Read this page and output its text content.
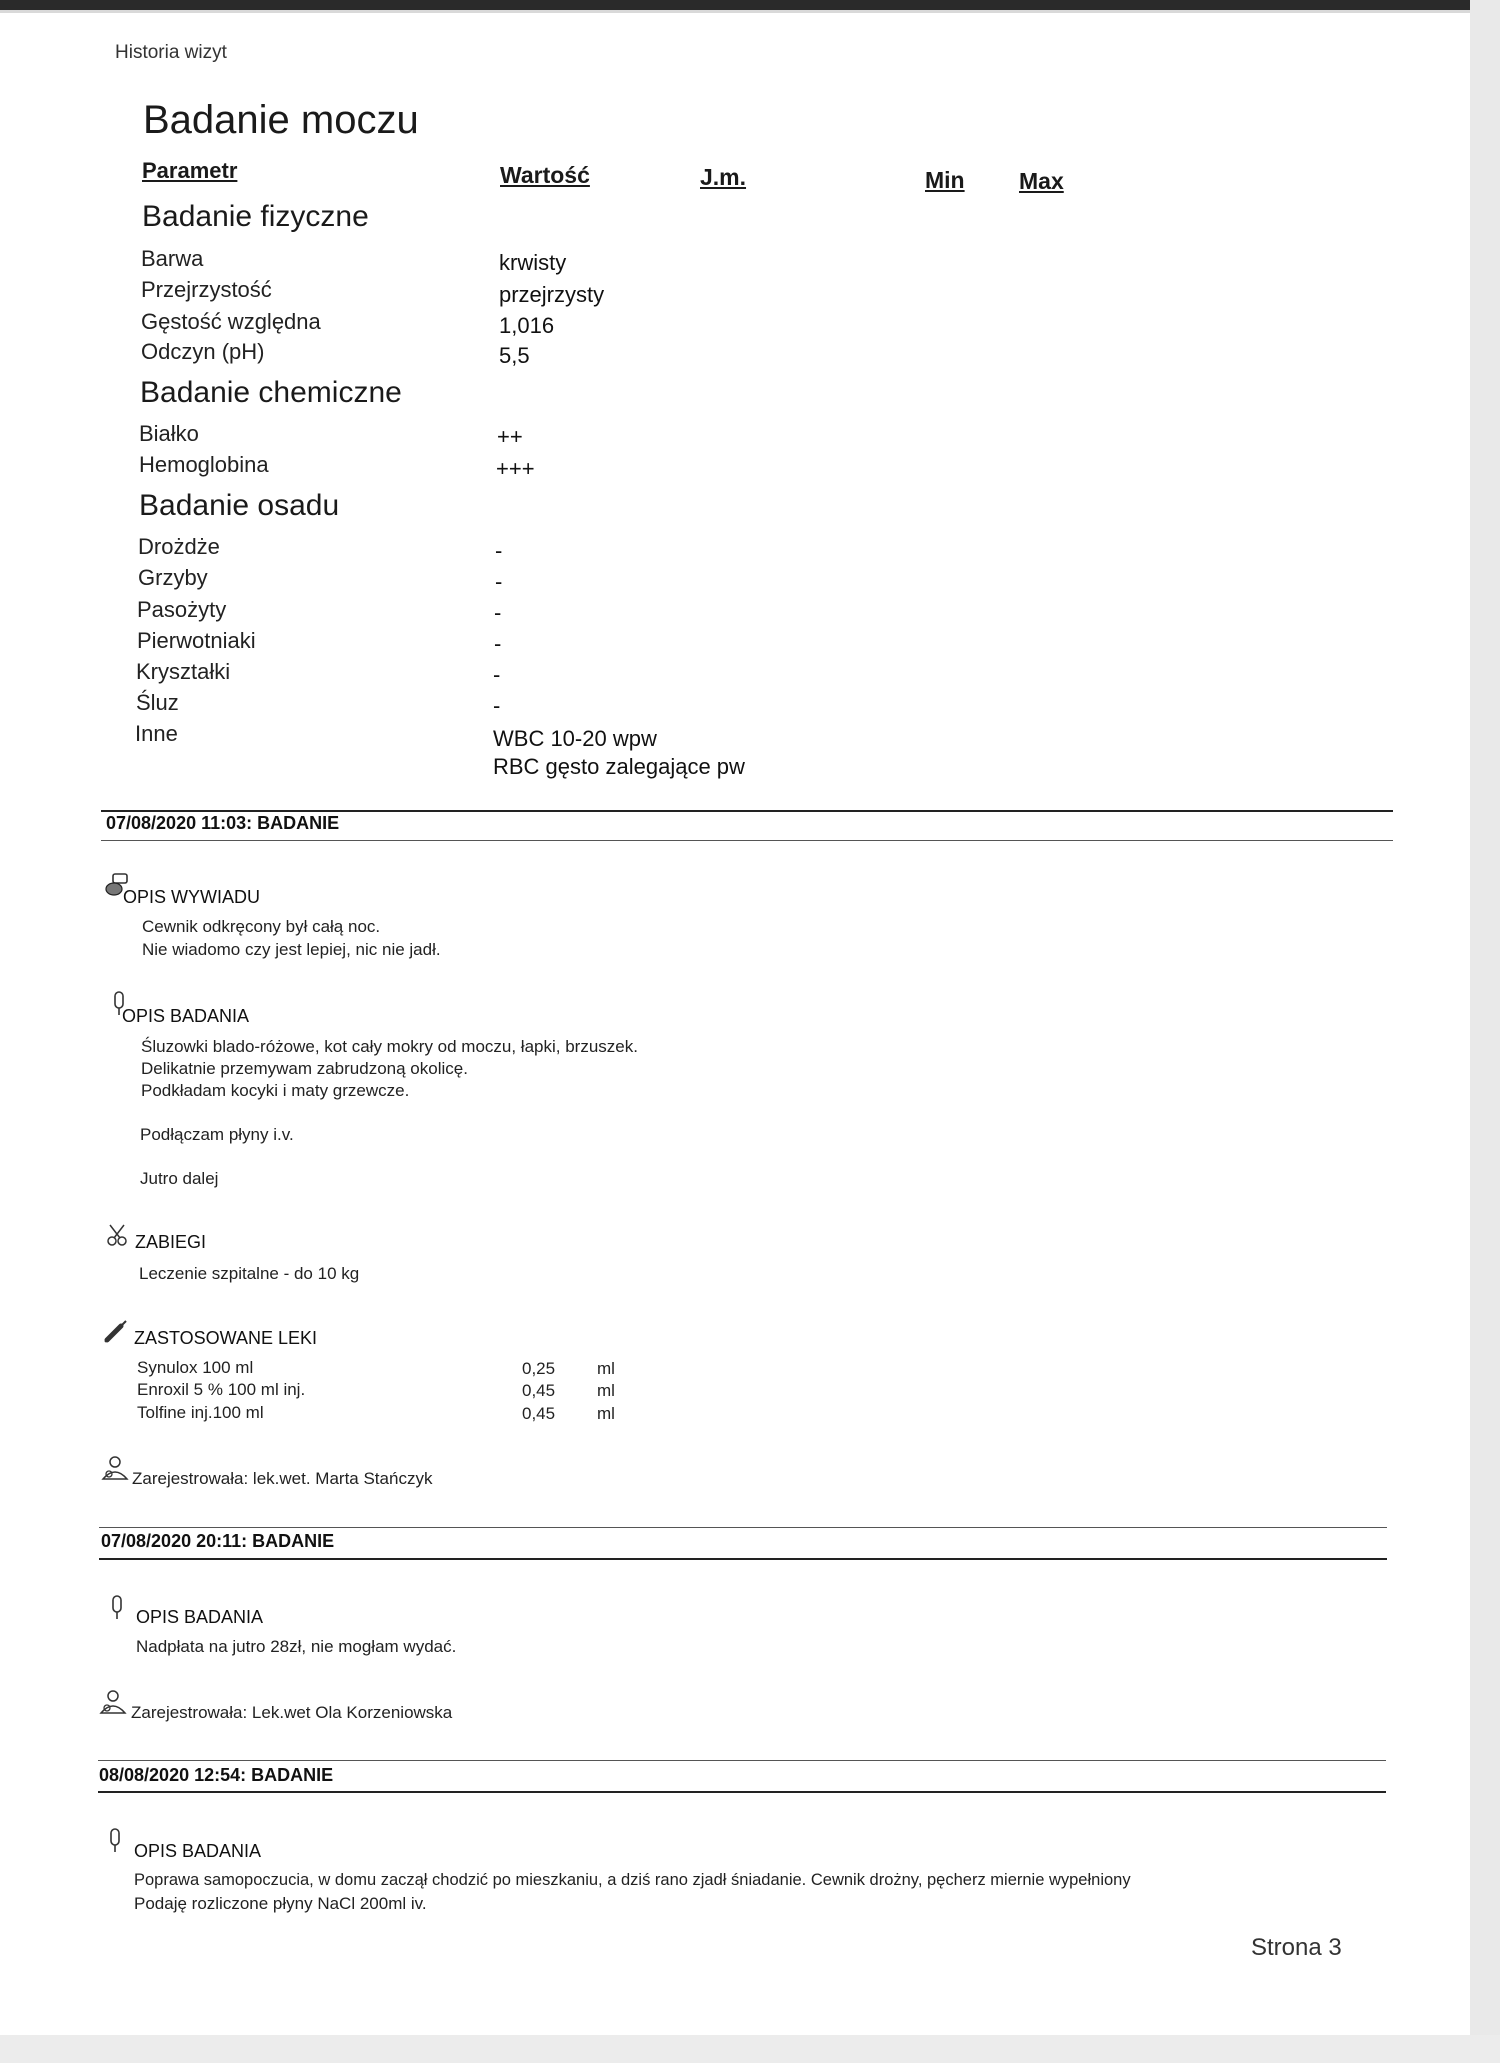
Historia wizyt
Badanie moczu
Parametr	Wartość	J.m.	Min Max
Badanie fizyczne
Barwa	krwisty
Przejrzystość	przejrzysty
Gęstość względna	1,016
Odczyn (pH)	5,5
Badanie chemiczne
Białko	++
Hemoglobina	+++
Badanie osadu
Drożdże	-
Grzyby	-
Pasożyty	-
Pierwotniaki	-
Kryształki	-
Śluz	-
Inne	WBC 10-20 wpw
RBC gęsto zalegające pw
07/08/2020 11:03: BADANIE
OPIS WYWIADU
Cewnik odkręcony był całą noc.
Nie wiadomo czy jest lepiej, nic nie jadł.
OPIS BADANIA
Śluzowki blado-różowe, kot cały mokry od moczu, łapki, brzuszek.
Delikatnie przemywam zabrudzoną okolicę.
Podkładam kocyki i maty grzewcze.
Podłączam płyny i.v.
Jutro dalej
ZABIEGI
Leczenie szpitalne - do 10 kg
ZASTOSOWANE LEKI
Synulox 100 ml	0,25 ml
Enroxil 5 % 100 ml inj.	0,45 ml
Tolfine inj.100 ml	0,45 ml
Zarejestrowała: lek.wet. Marta Stańczyk
07/08/2020 20:11: BADANIE
OPIS BADANIA
Nadpłata na jutro 28zł, nie mogłam wydać.
Zarejestrowała: Lek.wet Ola Korzeniowska
08/08/2020 12:54: BADANIE
OPIS BADANIA
Poprawa samopoczucia, w domu zaczął chodzić po mieszkaniu, a dziś rano zjadł śniadanie. Cewnik drożny, pęcherz miernie wypełniony
Podaję rozliczone płyny NaCl 200ml iv.
Strona 3
